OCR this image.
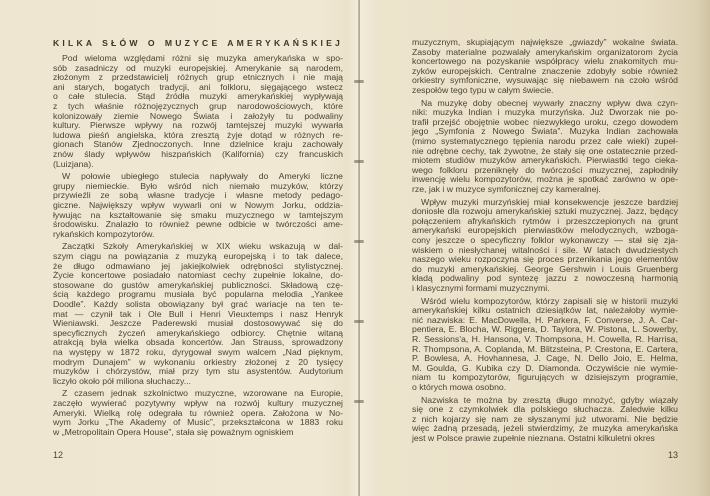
KILKA SŁÓW O MUZYCE AMERYKAŃSKIEJ
Pod wieloma względami różni się muzyka amerykańska w spo-
sób zasadniczy od muzyki europejskiej. Amerykanie są narodem,
złożonym z przedstawicielj różnych grup etnicznych i nie mają
ani starych, bogatych tradycji, ani folkloru, sięgającego wstecz
o całe stulecia. Stąd źródła muzyki amerykańskiej wypływają
z tych właśnie różnojęzycznych grup narodowościowych, które
kolonizowały ziemie Nowego Świata i założyły tu podwaliny
kultury. Pierwsze wpływy na rozwój tamtejszej muzyki wywarła
ludowa pieśń angielska, która zresztą żyje dotąd w różnych re-
gionach Stanów Zjednoczonych. Inne dzielnice kraju zachowały
znów ślady wpływów hiszpańskich (Kalifornia) czy francuskich
(Luizjana).
W połowie ubiegłego stulecia napływały do Ameryki liczne
grupy niemieckie. Było wśród nich niemało muzyków, którzy
przywieźli ze sobą własne tradycje i własne metody pedago-
giczne. Największy wpływ wywarli oni w Nowym Jorku, oddzia-
ływując na kształtowanie się smaku muzycznego w tamtejszym
środowisku. Znalazło to również pewne odbicie w twórczości ame-
rykańskich kompozytorów.
Zaczątki Szkoły Amerykańskiej w XIX wieku wskazują w dal-
szym ciągu na powiązania z muzyką europejską i to tak dalece,
że długo odmawiano jej jakiejkolwiek odrębności stylistycznej.
Życie koncertowe posiadało natomiast cechy zupełnie lokalne, do-
stosowane do gustów amerykańskiej publiczności. Składową czę-
ścią każdego programu musiała być popularna melodia „Yankee
Doodle”. Każdy solista obowiązany był grać wariacje na ten te-
mat — czynił tak i Ole Bull i Henri Vieuxtemps i nasz Henryk
Wieniawski. Jeszcze Paderewski musiał dostosowywać się do
specyficznych życzeń amerykańskiego odbiorcy. Chętnie witaną
atrakcją była wielka obsada koncertów. Jan Strauss, sprowadzony
na występy w 1872 roku, dyrygował swym walcem „Nad pięknym,
modrym Dunajem” w wykonaniu orkiestry złożonej z 20 tysięcy
muzyków i chórzystów, miał przy tym stu asystentów. Audytorium
liczyło około pół miliona słuchaczy...
Z czasem jednak szkolnictwo muzyczne, wzorowane na Europie,
zaczęło wywierać pozytywny wpływ na rozwój kultury muzycznej
Ameryki. Wielką rolę odegrała tu również opera. Założona w No-
wym Jorku „The Akademy of Music”, przekształcona w 1883 roku
w „Metropolitain Opera House”, stała się poważnym ogniskiem
muzycznym, skupiającym największe „gwiazdy” wokalne świata.
Zasoby materialne pozwalały amerykańskim organizatorom życia
koncertowego na pozyskanie współpracy wielu znakomitych mu-
zyków europejskich. Centralne znaczenie zdobyły sobie również
orkiestry symfoniczne, wysuwając się niebawem na czoło wśród
zespołów tego typu w całym świecie.
Na muzykę doby obecnej wywarły znaczny wpływ dwa czyn-
niki: muzyka Indian i muzyka murzyńska. Już Dworzak nie po-
trafił przejść obojętnie wobec niezwykłego uroku, czego dowodem
jego „Symfonia z Nowego Świata”. Muzyka Indian zachowała
(mimo systematycznego tępienia narodu przez całe wieki) zupeł-
nie odrębne cechy, tak żywotne, że stały się one ostatecznie przed-
miotem studiów muzyków amerykańskich. Pierwiastki tego cieka-
wego folkloru przeniknęły do twórczości muzycznej, zapłodniły
inwencję wielu kompozytorów, można je spotkać zarówno w ope-
rze, jak i w muzyce symfonicznej czy kameralnej.
Wpływ muzyki murzyńskiej miał konsekwencje jeszcze bardziej
doniosłe dla rozwoju amerykańskiej sztuki muzycznej. Jazz, będący
połączeniem afrykańskich rytmów i przeszczepionych na grunt
amerykański europejskich pierwiastków melodycznych, wzboga-
cony jeszcze o specyficzny folklor wykonawczy — stał się zja-
wiskiem o niesłychanej witalności i sile. W latach dwudziestych
naszego wieku rozpoczyna się proces przenikania jego elementów
do muzyki amerykańskiej. George Gershwin i Louis Gruenberg
kładą podwaliny pod syntezę jazzu z nowoczesną harmonią
i klasycznymi formami muzycznymi.
Wśród wielu kompozytorów, którzy zapisali się w historii muzyki
amerykańskiej kilku ostatnich dziesiątków lat, należałoby wymie-
nić nazwiska: E. MacDowella, H. Parkera, F. Converse, J. A. Car-
pentiera, E. Blocha, W. Riggera, D. Taylora, W. Pistona, L. Sowerby,
R. Sessions'a, H. Hansona, V. Thompsona, H. Cowella, R. Harrisa,
R. Thompsona, A. Coplanda, M. Blitzsteina, P. Crestona, E. Cartera,
P. Bowlesa, A. Hovhannesa, J. Cage, N. Dello Joio, E. Helma,
M. Goulda, G. Kubika czy D. Diamonda. Oczywiście nie wymie-
niam tu kompozytorów, figurujących w dzisiejszym programie,
o których mowa osobno.
Nazwiska te można by zresztą długo mnożyć, gdyby wiązały
się one z czymkolwiek dla polskiego słuchacza. Zaledwie kilku
z nich kojarzy się nam ze słyszanymi już utworami. Nie będzie
więc żadną przesadą, jeżeli stwierdzimy, że muzyka amerykańska
jest w Polsce prawie zupełnie nieznana. Ostatni kilkuletni okres
12	13
